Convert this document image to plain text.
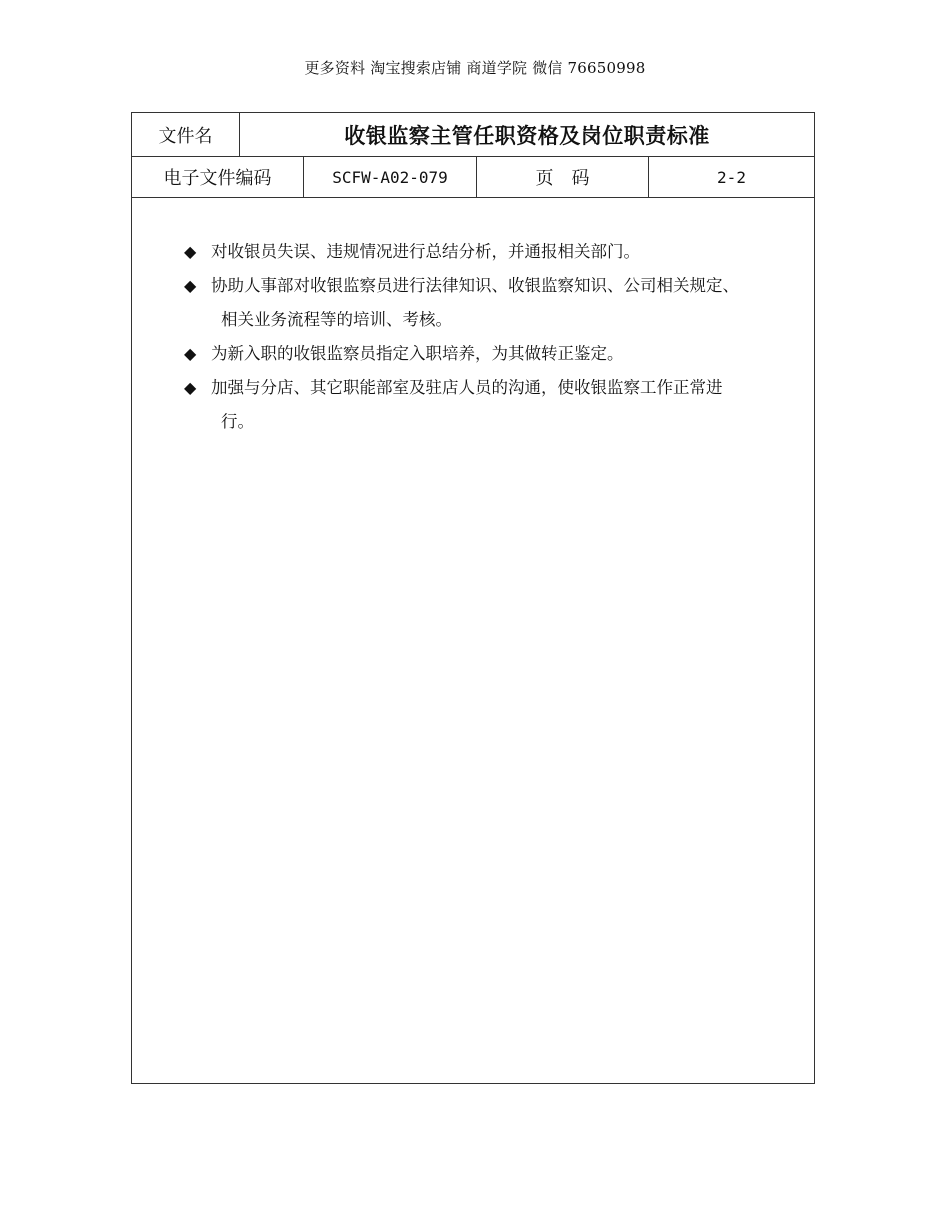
更多资料 淘宝搜索店铺 商道学院 微信 76650998
文件名	收银监察主管任职资格及岗位职责标准
电子文件编码	SCFW-A02-079	页　码	2-2
◆ 对收银员失误、违规情况进行总结分析，并通报相关部门。
◆ 协助人事部对收银监察员进行法律知识、收银监察知识、公司相关规定、
相关业务流程等的培训、考核。
◆ 为新入职的收银监察员指定入职培养，为其做转正鉴定。
◆ 加强与分店、其它职能部室及驻店人员的沟通，使收银监察工作正常进
行。
